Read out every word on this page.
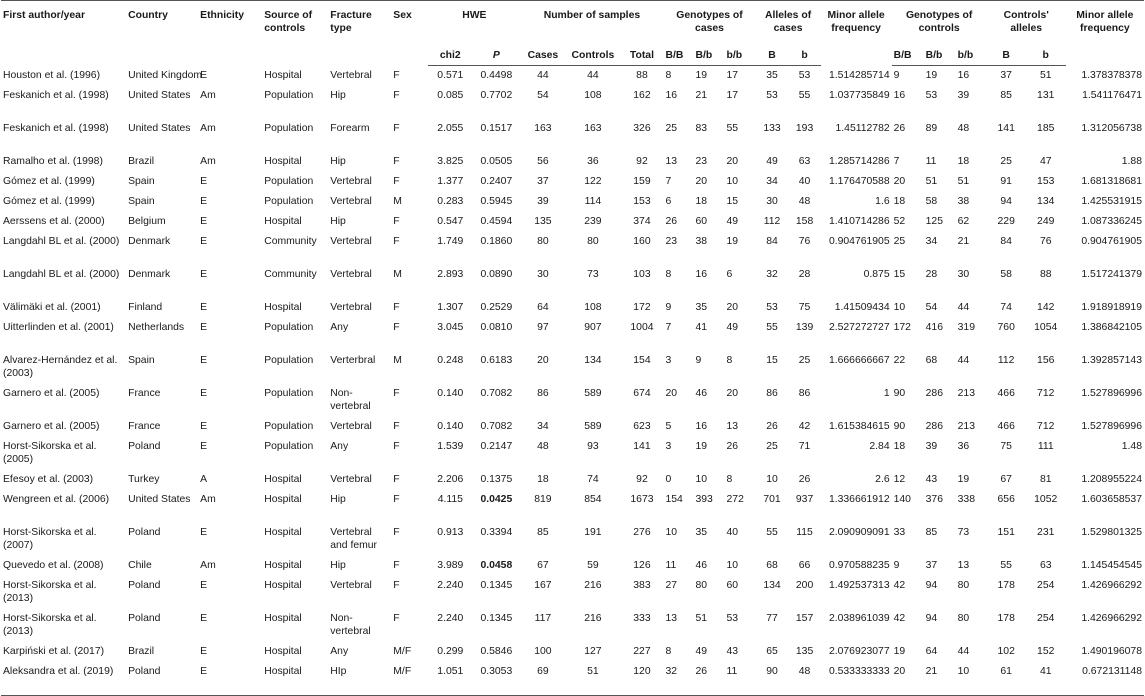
First author/year	Country	Ethnicity	Source of controls	Fracture type	Sex	HWE		Number of samples			Genotypes of cases			Alleles of cases		Minor allele frequency	Genotypes of controls			Controls' alleles		Minor allele frequency
						chi2	P	Cases	Controls	Total	B/B	B/b	b/b	B	b		B/B	B/b	b/b	B	b	
Houston et al. (1996)	United Kingdom	E	Hospital	Vertebral	F	0.571	0.4498	44	44	88	8	19	17	35	53	1.514285714	9	19	16	37	51	1.378378378
Feskanich et al. (1998)	United States	Am	Population	Hip	F	0.085	0.7702	54	108	162	16	21	17	53	55	1.037735849	16	53	39	85	131	1.541176471
Feskanich et al. (1998)	United States	Am	Population	Forearm	F	2.055	0.1517	163	163	326	25	83	55	133	193	1.45112782	26	89	48	141	185	1.312056738
Ramalho et al. (1998)	Brazil	Am	Hospital	Hip	F	3.825	0.0505	56	36	92	13	23	20	49	63	1.285714286	7	11	18	25	47	1.88
Gómez et al. (1999)	Spain	E	Population	Vertebral	F	1.377	0.2407	37	122	159	7	20	10	34	40	1.176470588	20	51	51	91	153	1.681318681
Gómez et al. (1999)	Spain	E	Population	Vertebral	M	0.283	0.5945	39	114	153	6	18	15	30	48	1.6	18	58	38	94	134	1.425531915
Aerssens et al. (2000)	Belgium	E	Hospital	Hip	F	0.547	0.4594	135	239	374	26	60	49	112	158	1.410714286	52	125	62	229	249	1.087336245
Langdahl BL et al. (2000)	Denmark	E	Community	Vertebral	F	1.749	0.1860	80	80	160	23	38	19	84	76	0.904761905	25	34	21	84	76	0.904761905
Langdahl BL et al. (2000)	Denmark	E	Community	Vertebral	M	2.893	0.0890	30	73	103	8	16	6	32	28	0.875	15	28	30	58	88	1.517241379
Välimäki et al. (2001)	Finland	E	Hospital	Vertebral	F	1.307	0.2529	64	108	172	9	35	20	53	75	1.41509434	10	54	44	74	142	1.918918919
Uitterlinden et al. (2001)	Netherlands	E	Population	Any	F	3.045	0.0810	97	907	1004	7	41	49	55	139	2.527272727	172	416	319	760	1054	1.386842105
Alvarez-Hernández et al. (2003)	Spain	E	Population	Verterbral	M	0.248	0.6183	20	134	154	3	9	8	15	25	1.666666667	22	68	44	112	156	1.392857143
Garnero et al. (2005)	France	E	Population	Non-vertebral	F	0.140	0.7082	86	589	674	20	46	20	86	86	1	90	286	213	466	712	1.527896996
Garnero et al. (2005)	France	E	Population	Vertebral	F	0.140	0.7082	34	589	623	5	16	13	26	42	1.615384615	90	286	213	466	712	1.527896996
Horst-Sikorska et al. (2005)	Poland	E	Population	Any	F	1.539	0.2147	48	93	141	3	19	26	25	71	2.84	18	39	36	75	111	1.48
Efesoy et al. (2003)	Turkey	A	Hospital	Vertebral	F	2.206	0.1375	18	74	92	0	10	8	10	26	2.6	12	43	19	67	81	1.208955224
Wengreen et al. (2006)	United States	Am	Hospital	Hip	F	4.115	0.0425	819	854	1673	154	393	272	701	937	1.336661912	140	376	338	656	1052	1.603658537
Horst-Sikorska et al. (2007)	Poland	E	Hospital	Vertebral and femur	F	0.913	0.3394	85	191	276	10	35	40	55	115	2.090909091	33	85	73	151	231	1.529801325
Quevedo et al. (2008)	Chile	Am	Hospital	Hip	F	3.989	0.0458	67	59	126	11	46	10	68	66	0.970588235	9	37	13	55	63	1.145454545
Horst-Sikorska et al. (2013)	Poland	E	Hospital	Vertebral	F	2.240	0.1345	167	216	383	27	80	60	134	200	1.492537313	42	94	80	178	254	1.426966292
Horst-Sikorska et al. (2013)	Poland	E	Hospital	Non-vertebral	F	2.240	0.1345	117	216	333	13	51	53	77	157	2.038961039	42	94	80	178	254	1.426966292
Karpiński et al. (2017)	Brazil	E	Hospital	Any	M/F	0.299	0.5846	100	127	227	8	49	43	65	135	2.076923077	19	64	44	102	152	1.490196078
Aleksandra et al. (2019)	Poland	E	Hospital	HIp	M/F	1.051	0.3053	69	51	120	32	26	11	90	48	0.533333333	20	21	10	61	41	0.672131148
